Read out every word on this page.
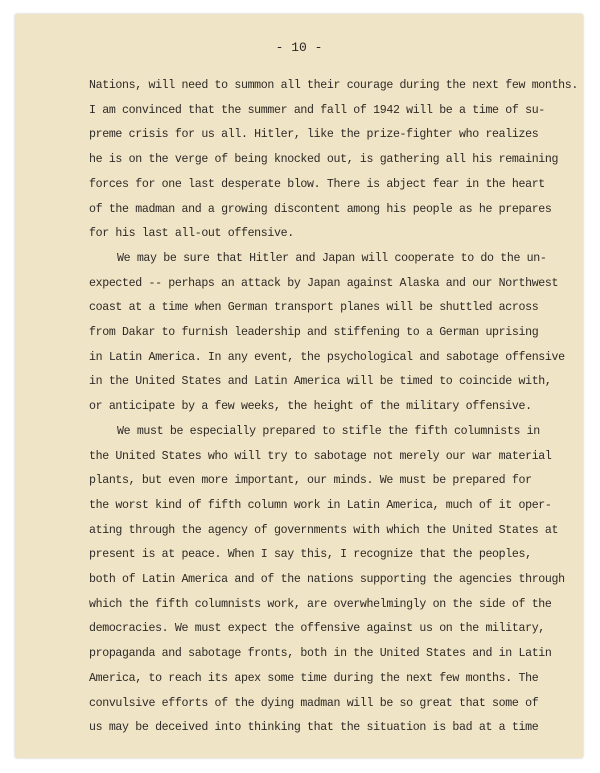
- 10 -
Nations, will need to summon all their courage during the next few months.
I am convinced that the summer and fall of 1942 will be a time of su-
preme crisis for us all. Hitler, like the prize-fighter who realizes
he is on the verge of being knocked out, is gathering all his remaining
forces for one last desperate blow. There is abject fear in the heart
of the madman and a growing discontent among his people as he prepares
for his last all-out offensive.
We may be sure that Hitler and Japan will cooperate to do the un-
expected -- perhaps an attack by Japan against Alaska and our Northwest
coast at a time when German transport planes will be shuttled across
from Dakar to furnish leadership and stiffening to a German uprising
in Latin America. In any event, the psychological and sabotage offensive
in the United States and Latin America will be timed to coincide with,
or anticipate by a few weeks, the height of the military offensive.
We must be especially prepared to stifle the fifth columnists in
the United States who will try to sabotage not merely our war material
plants, but even more important, our minds. We must be prepared for
the worst kind of fifth column work in Latin America, much of it oper-
ating through the agency of governments with which the United States at
present is at peace. When I say this, I recognize that the peoples,
both of Latin America and of the nations supporting the agencies through
which the fifth columnists work, are overwhelmingly on the side of the
democracies. We must expect the offensive against us on the military,
propaganda and sabotage fronts, both in the United States and in Latin
America, to reach its apex some time during the next few months. The
convulsive efforts of the dying madman will be so great that some of
us may be deceived into thinking that the situation is bad at a time
